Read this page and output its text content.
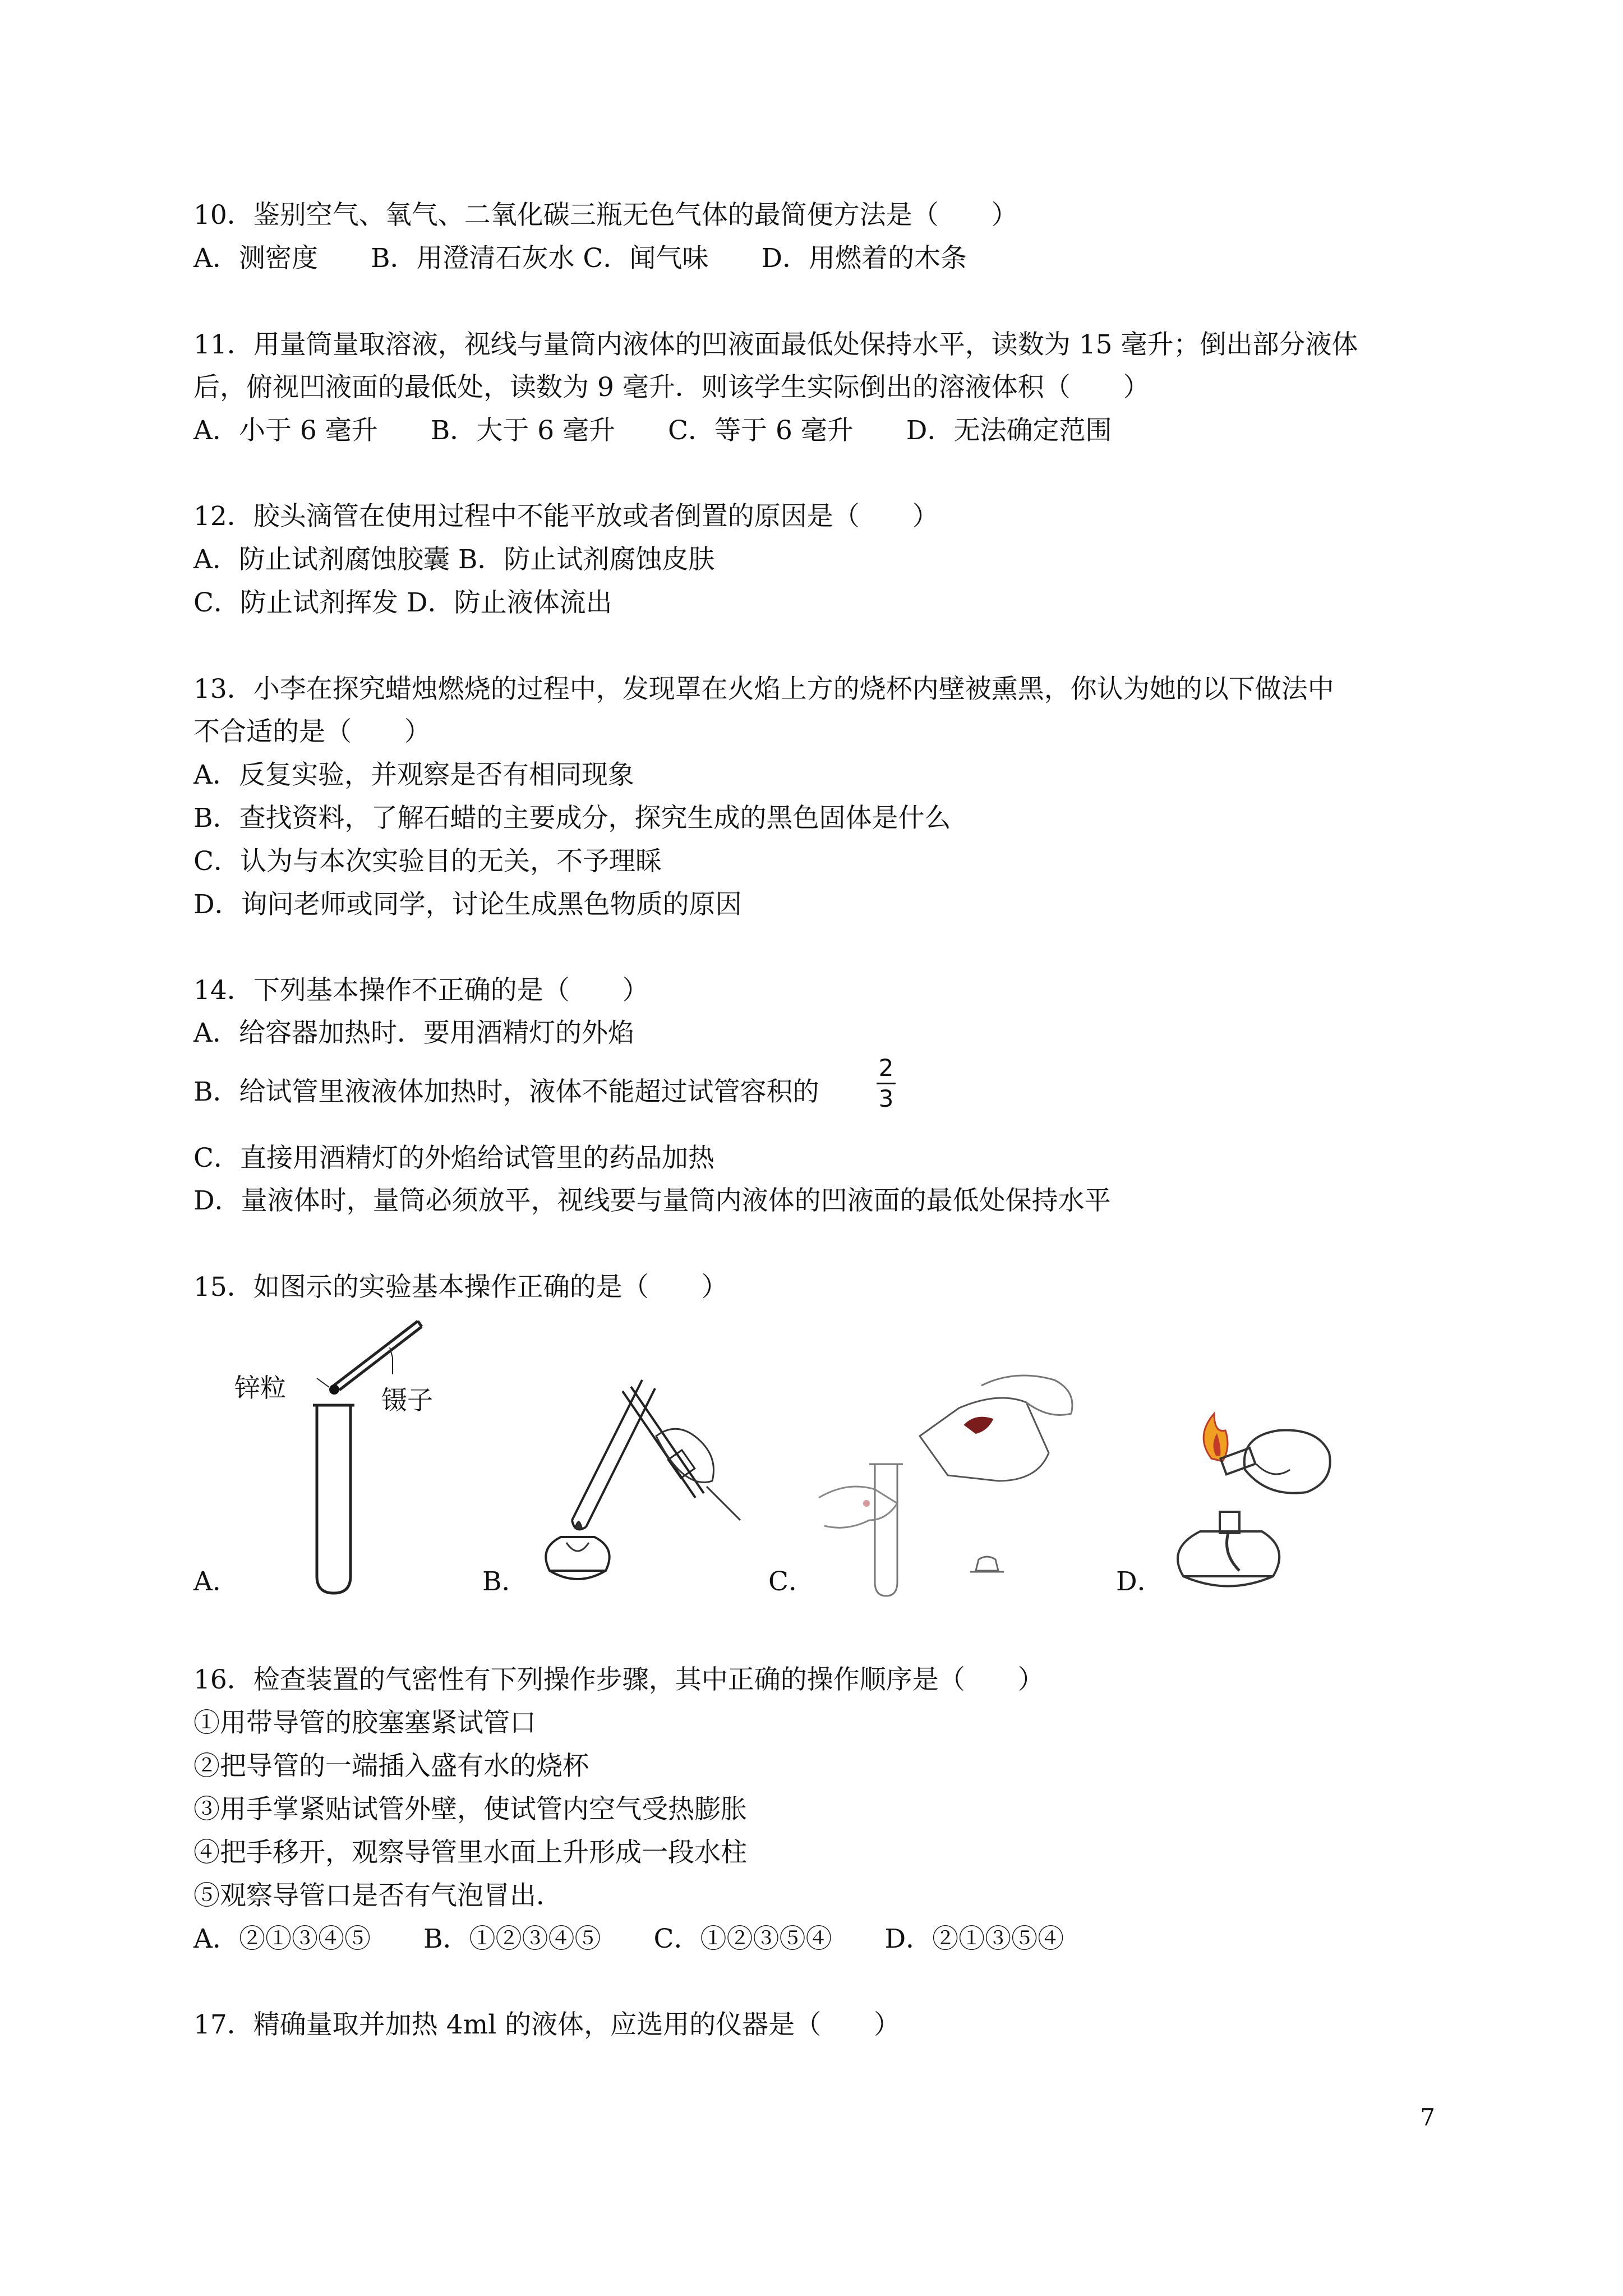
10．鉴别空气、氧气、二氧化碳三瓶无色气体的最简便方法是（　　）
A．测密度　　B．用澄清石灰水 C．闻气味　　D．用燃着的木条
11．用量筒量取溶液，视线与量筒内液体的凹液面最低处保持水平，读数为 15 毫升；倒出部分液体
后，俯视凹液面的最低处，读数为 9 毫升．则该学生实际倒出的溶液体积（　　）
A．小于 6 毫升　　B．大于 6 毫升　　C．等于 6 毫升　　D．无法确定范围
12．胶头滴管在使用过程中不能平放或者倒置的原因是（　　）
A．防止试剂腐蚀胶囊 B．防止试剂腐蚀皮肤
C．防止试剂挥发 D．防止液体流出
13．小李在探究蜡烛燃烧的过程中，发现罩在火焰上方的烧杯内壁被熏黑，你认为她的以下做法中
不合适的是（　　）
A．反复实验，并观察是否有相同现象
B．查找资料，了解石蜡的主要成分，探究生成的黑色固体是什么
C．认为与本次实验目的无关，不予理睬
D．询问老师或同学，讨论生成黑色物质的原因
14．下列基本操作不正确的是（　　）
A．给容器加热时．要用酒精灯的外焰
B．给试管里液液体加热时，液体不能超过试管容积的
2
3
C．直接用酒精灯的外焰给试管里的药品加热
D．量液体时，量筒必须放平，视线要与量筒内液体的凹液面的最低处保持水平
15．如图示的实验基本操作正确的是（　　）
锌粒	镊子
A．	B．	C．	D．
16．检查装置的气密性有下列操作步骤，其中正确的操作顺序是（　　）
①用带导管的胶塞塞紧试管口
②把导管的一端插入盛有水的烧杯
③用手掌紧贴试管外壁，使试管内空气受热膨胀
④把手移开，观察导管里水面上升形成一段水柱
⑤观察导管口是否有气泡冒出．
A．②①③④⑤　　B．①②③④⑤　　C．①②③⑤④　　D．②①③⑤④
17．精确量取并加热 4ml 的液体，应选用的仪器是（　　）
7
